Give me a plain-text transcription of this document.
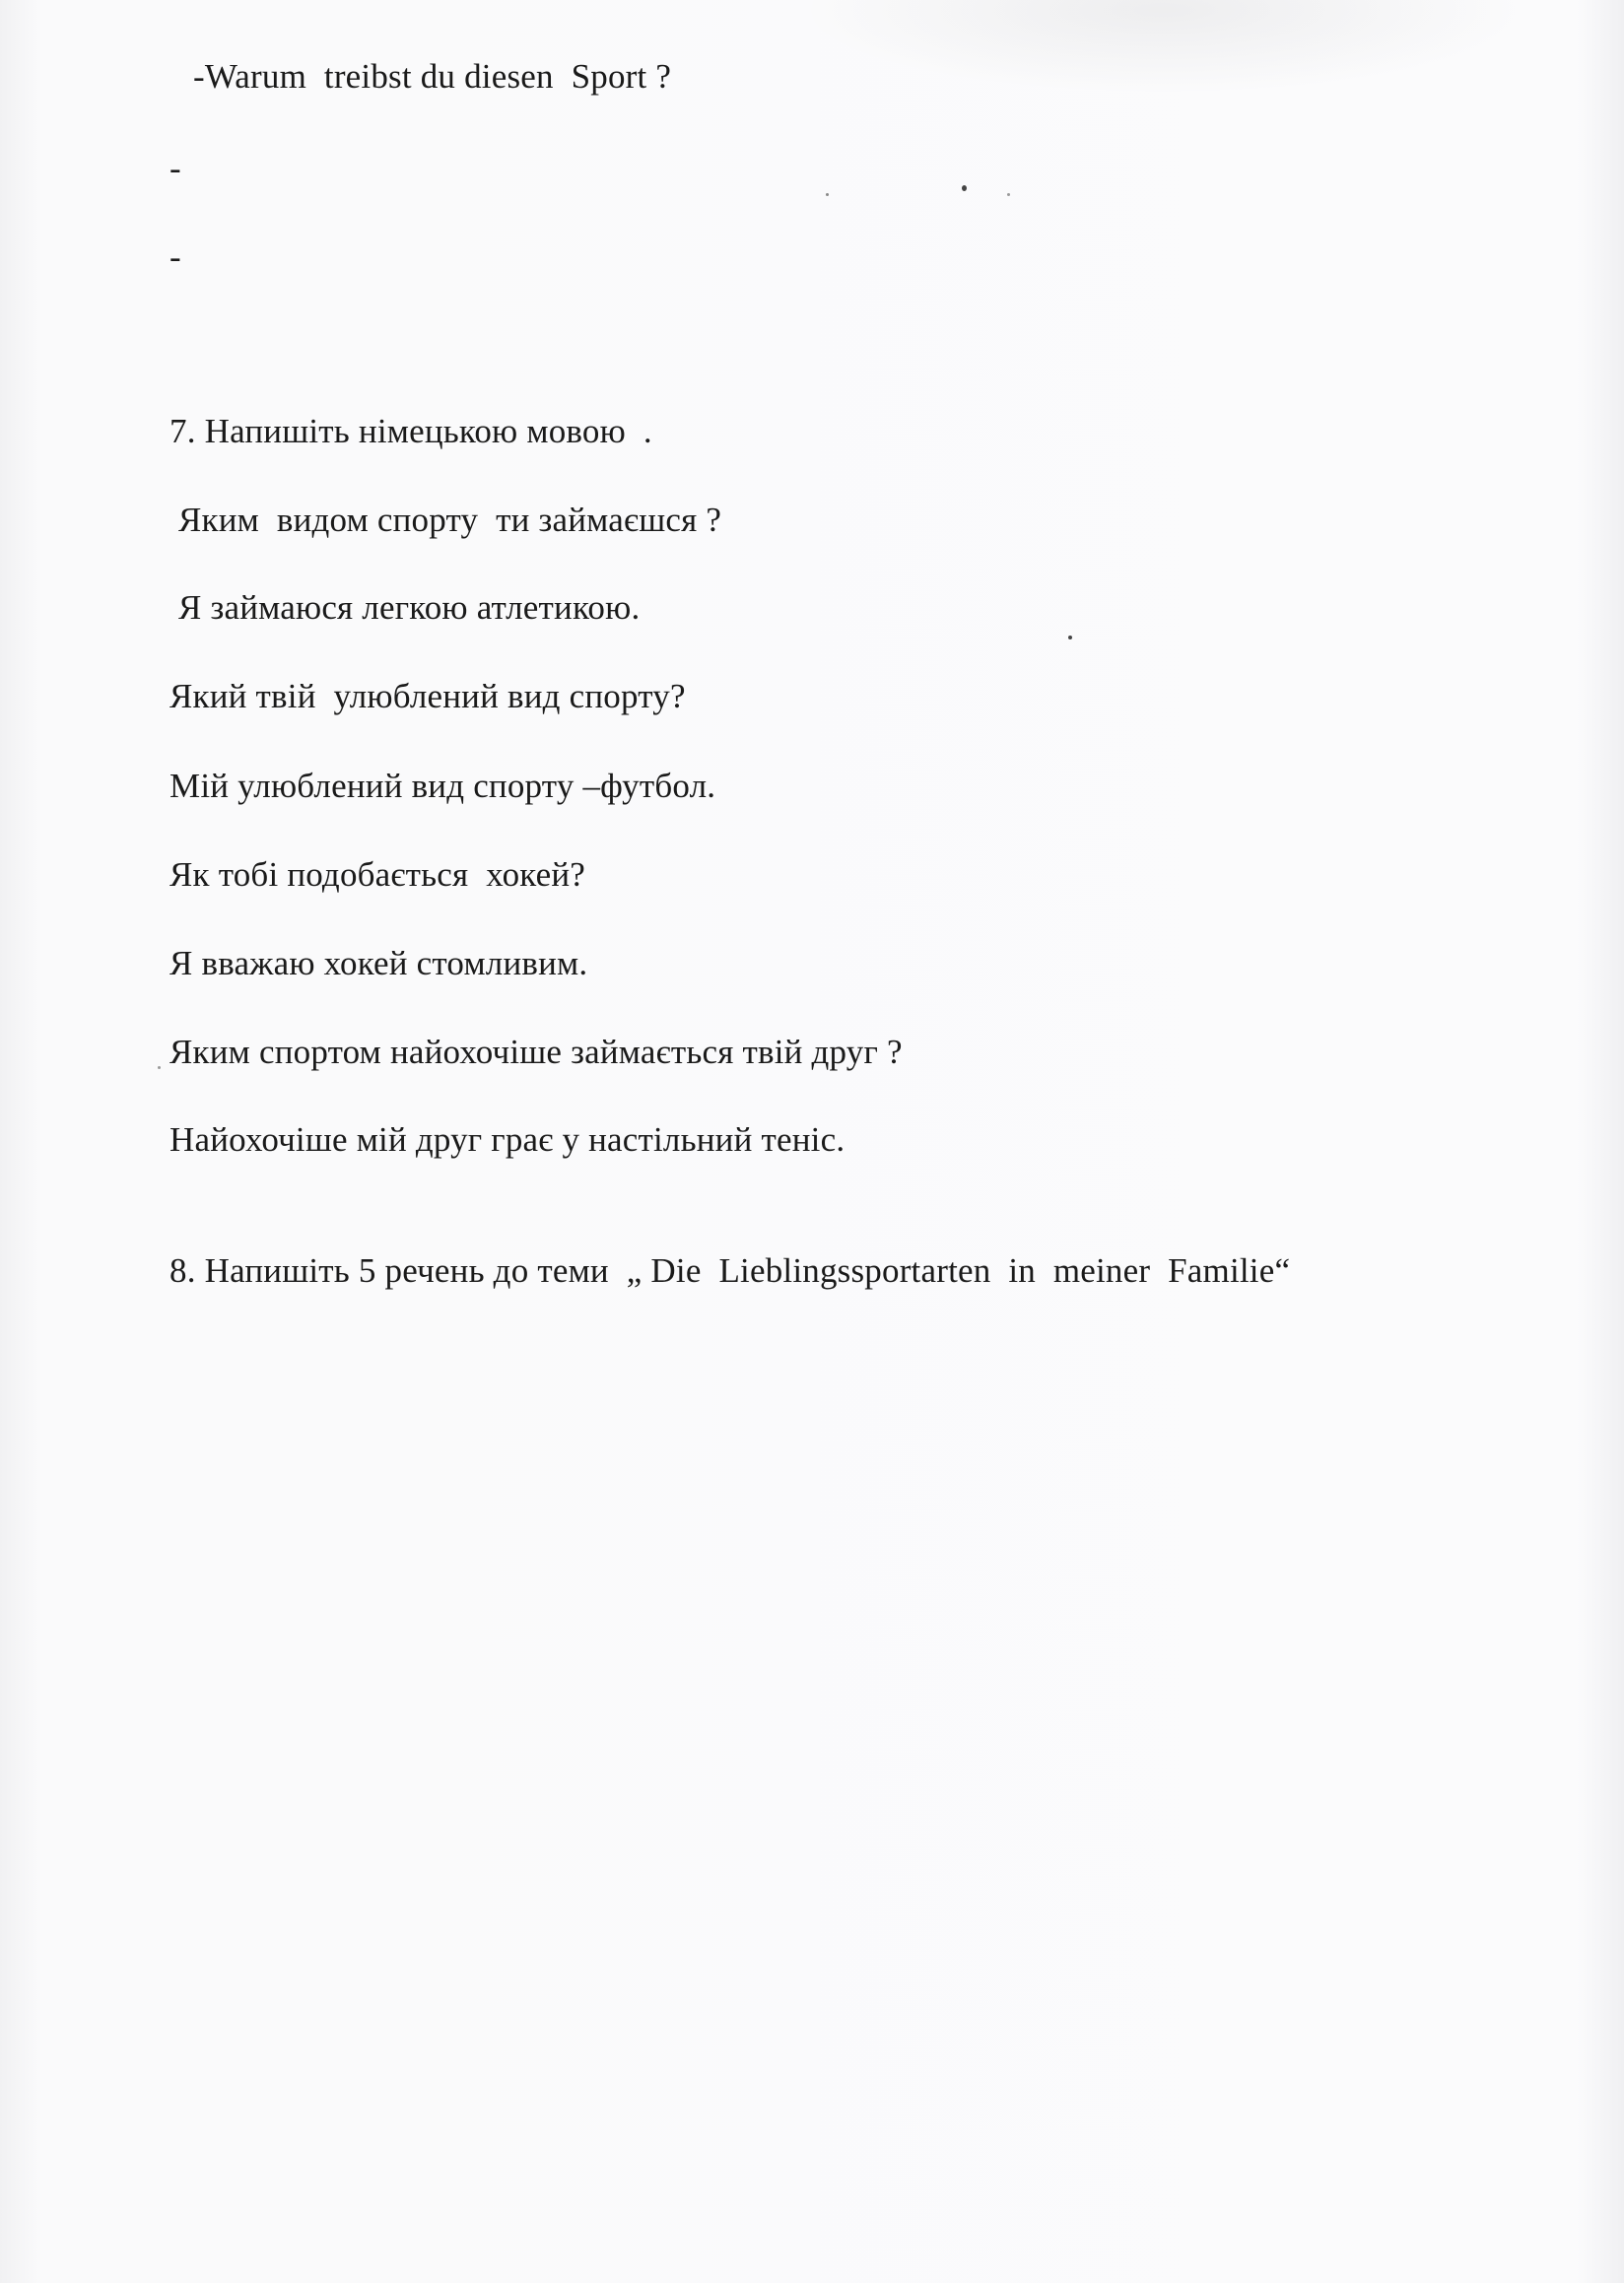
-Warum  treibst du diesen  Sport ?
-
-
7. Напишіть німецькою мовою  .
Яким  видом спорту  ти займаєшся ?
Я займаюся легкою атлетикою.
Який твій  улюблений вид спорту?
Мій улюблений вид спорту –футбол.
Як тобі подобається  хокей?
Я вважаю хокей стомливим.
Яким спортом найохочіше займається твій друг ?
Найохочіше мій друг грає у настільний теніс.
8. Напишіть 5 речень до теми  „ Die  Lieblingssportarten  in  meiner  Familie“
